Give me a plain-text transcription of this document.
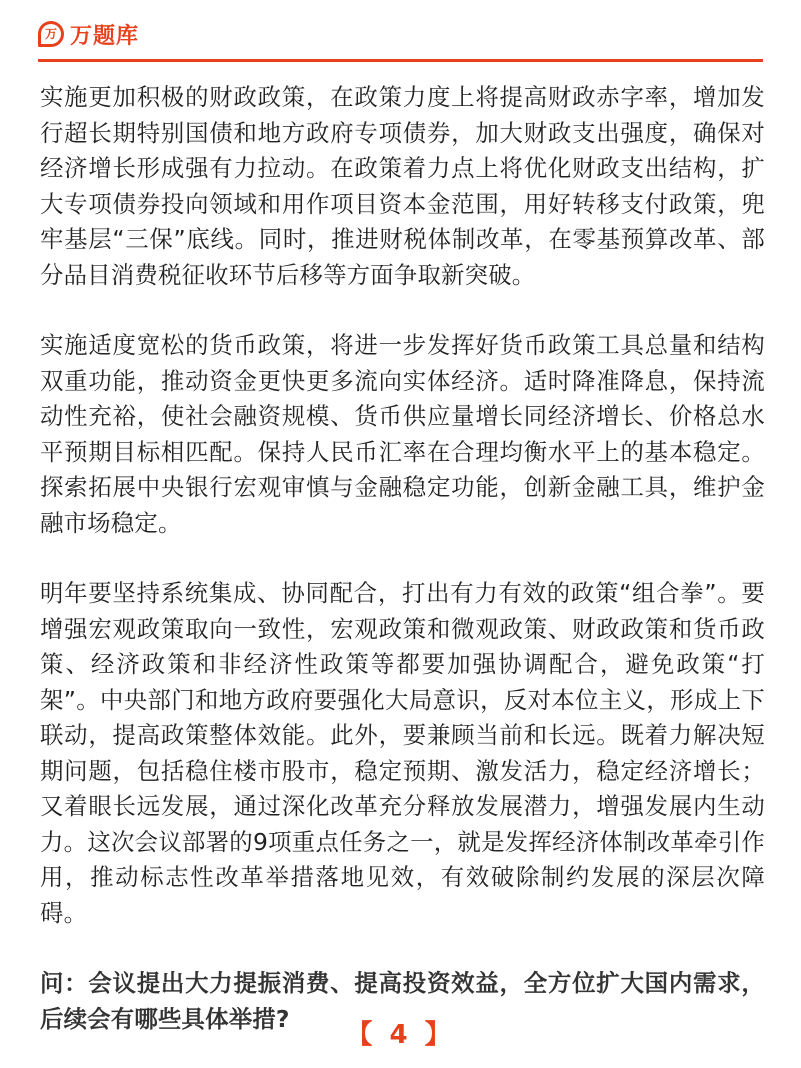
万 万题库

实施更加积极的财政政策，在政策力度上将提高财政赤字率，增加发行超长期特别国债和地方政府专项债券，加大财政支出强度，确保对经济增长形成强有力拉动。在政策着力点上将优化财政支出结构，扩大专项债券投向领域和用作项目资本金范围，用好转移支付政策，兜牢基层“三保”底线。同时，推进财税体制改革，在零基预算改革、部分品目消费税征收环节后移等方面争取新突破。

实施适度宽松的货币政策，将进一步发挥好货币政策工具总量和结构双重功能，推动资金更快更多流向实体经济。适时降准降息，保持流动性充裕，使社会融资规模、货币供应量增长同经济增长、价格总水平预期目标相匹配。保持人民币汇率在合理均衡水平上的基本稳定。探索拓展中央银行宏观审慎与金融稳定功能，创新金融工具，维护金融市场稳定。

明年要坚持系统集成、协同配合，打出有力有效的政策“组合拳”。要增强宏观政策取向一致性，宏观政策和微观政策、财政政策和货币政策、经济政策和非经济性政策等都要加强协调配合，避免政策“打架”。中央部门和地方政府要强化大局意识，反对本位主义，形成上下联动，提高政策整体效能。此外，要兼顾当前和长远。既着力解决短期问题，包括稳住楼市股市，稳定预期、激发活力，稳定经济增长；又着眼长远发展，通过深化改革充分释放发展潜力，增强发展内生动力。这次会议部署的9项重点任务之一，就是发挥经济体制改革牵引作用，推动标志性改革举措落地见效，有效破除制约发展的深层次障碍。

问：会议提出大力提振消费、提高投资效益，全方位扩大国内需求，后续会有哪些具体举措?

【 4 】
